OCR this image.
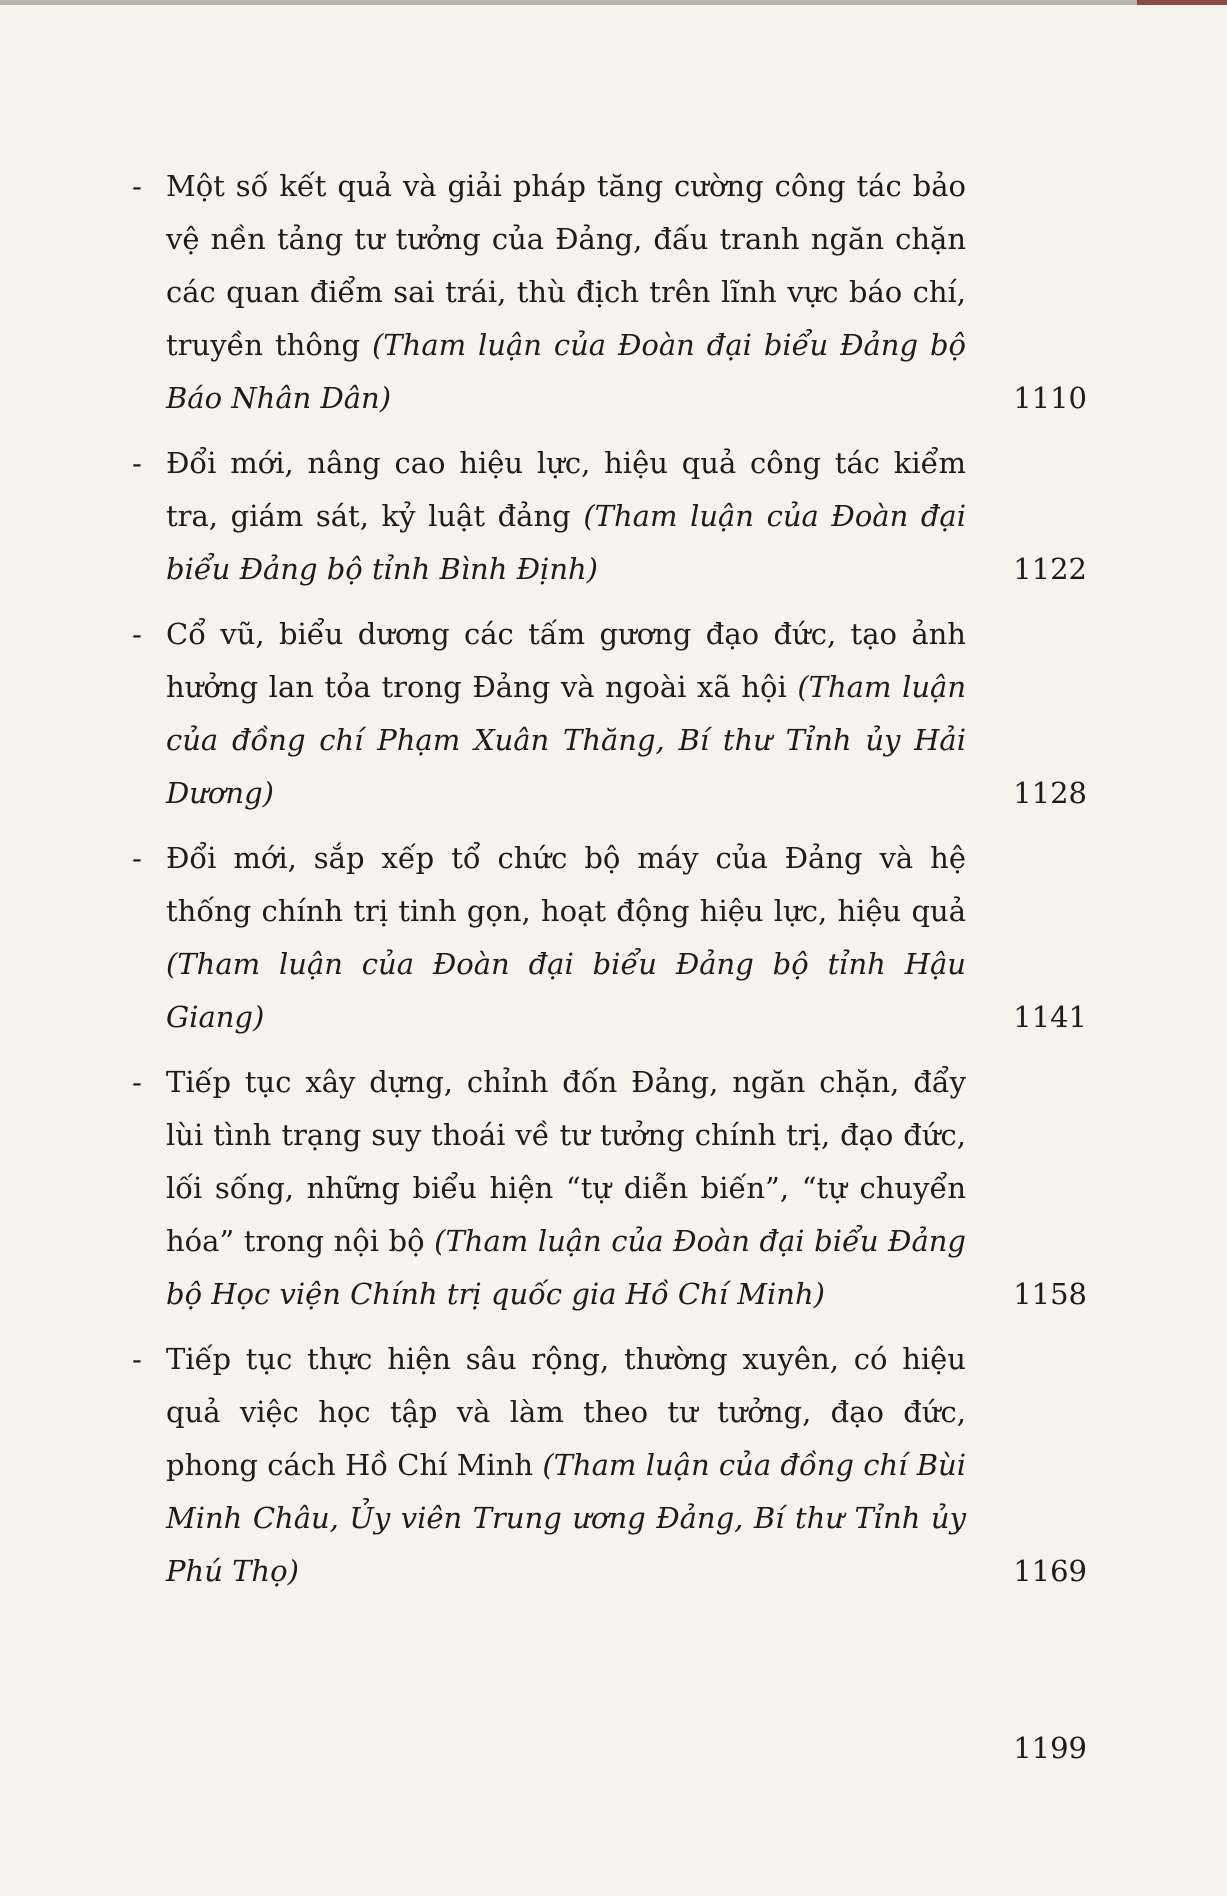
- Một số kết quả và giải pháp tăng cường công tác bảo vệ nền tảng tư tưởng của Đảng, đấu tranh ngăn chặn các quan điểm sai trái, thù địch trên lĩnh vực báo chí, truyền thông (Tham luận của Đoàn đại biểu Đảng bộ Báo Nhân Dân)	1110
- Đổi mới, nâng cao hiệu lực, hiệu quả công tác kiểm tra, giám sát, kỷ luật đảng (Tham luận của Đoàn đại biểu Đảng bộ tỉnh Bình Định)	1122
- Cổ vũ, biểu dương các tấm gương đạo đức, tạo ảnh hưởng lan tỏa trong Đảng và ngoài xã hội (Tham luận của đồng chí Phạm Xuân Thăng, Bí thư Tỉnh ủy Hải Dương)	1128
- Đổi mới, sắp xếp tổ chức bộ máy của Đảng và hệ thống chính trị tinh gọn, hoạt động hiệu lực, hiệu quả (Tham luận của Đoàn đại biểu Đảng bộ tỉnh Hậu Giang)	1141
- Tiếp tục xây dựng, chỉnh đốn Đảng, ngăn chặn, đẩy lùi tình trạng suy thoái về tư tưởng chính trị, đạo đức, lối sống, những biểu hiện “tự diễn biến”, “tự chuyển hóa” trong nội bộ (Tham luận của Đoàn đại biểu Đảng bộ Học viện Chính trị quốc gia Hồ Chí Minh)	1158
- Tiếp tục thực hiện sâu rộng, thường xuyên, có hiệu quả việc học tập và làm theo tư tưởng, đạo đức, phong cách Hồ Chí Minh (Tham luận của đồng chí Bùi Minh Châu, Ủy viên Trung ương Đảng, Bí thư Tỉnh ủy Phú Thọ)	1169
1199
